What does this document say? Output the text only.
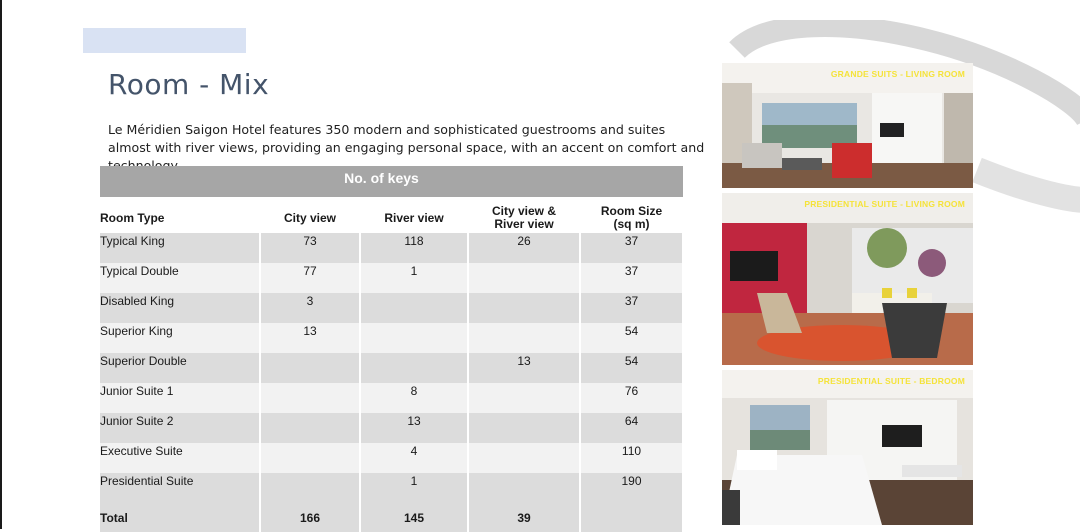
Room - Mix
Le Méridien Saigon Hotel features 350 modern and sophisticated guestrooms and suites almost with river views, providing an engaging personal space, with an accent on comfort and
No. of keys
Room Type	City view	River view	City view & River view	Room Size (sq m)
Typical King	73	118	26	37
Typical Double	77	1		37
Disabled King	3			37
Superior King	13			54
Superior Double			13	54
Junior Suite 1		8		76
Junior Suite 2		13		64
Executive Suite		4		110
Presidential Suite		1		190
Total	166	145	39	
GRANDE SUITS - LIVING ROOM
PRESIDENTIAL SUITE - LIVING ROOM
PRESIDENTIAL SUITE - BEDROOM
